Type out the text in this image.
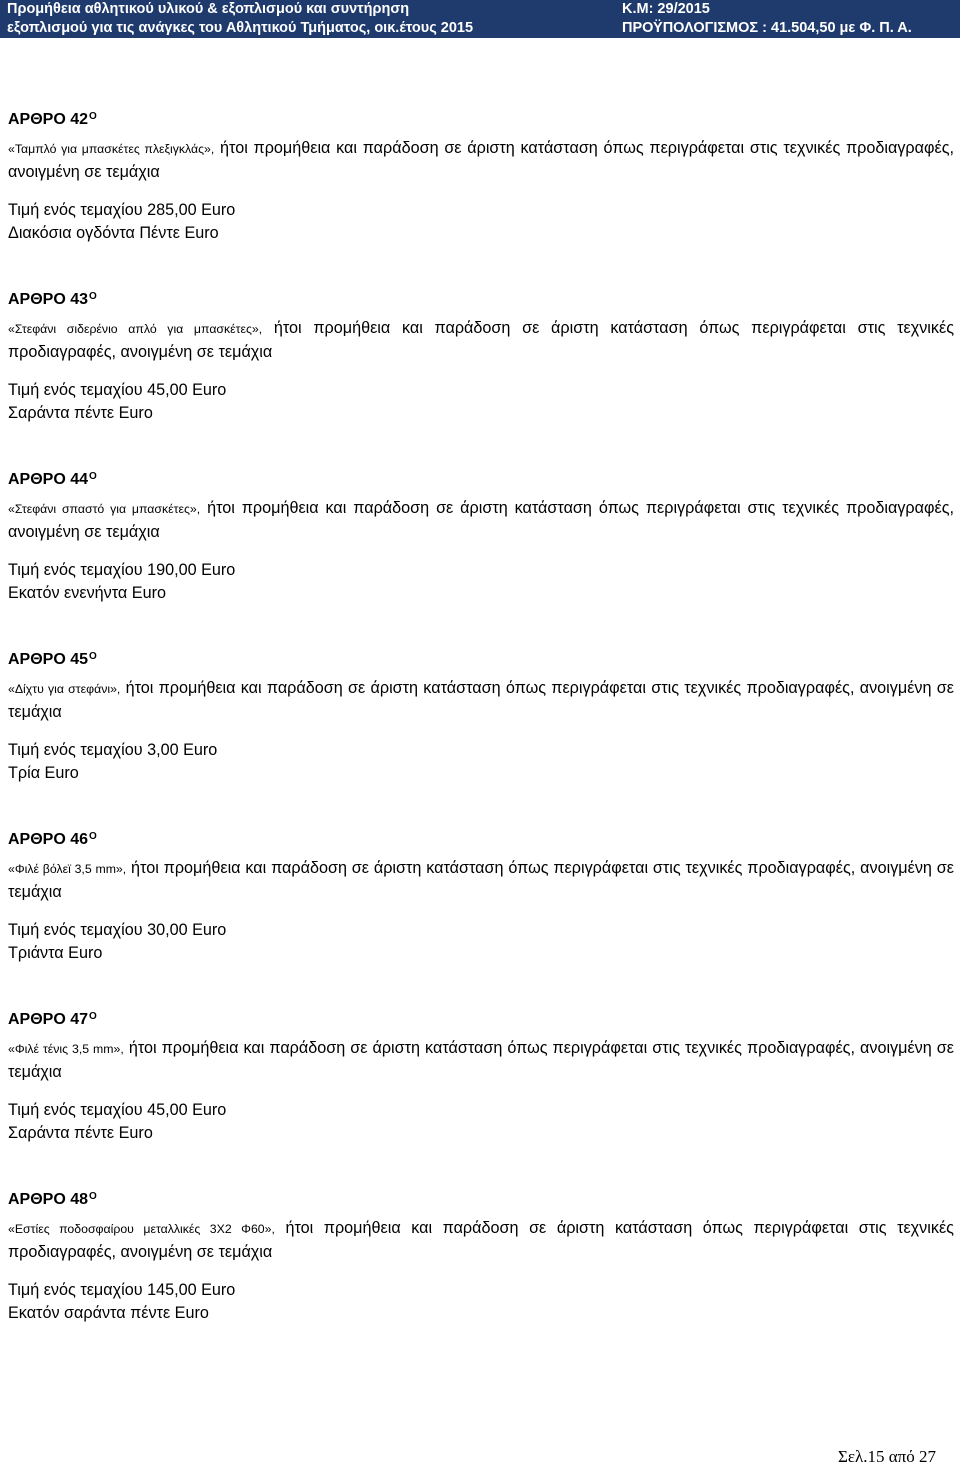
Προμήθεια αθλητικού υλικού & εξοπλισμού και συντήρηση
εξοπλισμού για τις ανάγκες του Αθλητικού Τμήματος, οικ.έτους 2015
Κ.Μ: 29/2015
ΠΡΟΫΠΟΛΟΓΙΣΜΟΣ : 41.504,50 με Φ. Π. Α.
ΑΡΘΡΟ $42^O$

«Ταμπλό για μπασκέτες πλεξιγκλάς», ήτοι προμήθεια και παράδοση σε άριστη κατάσταση όπως περιγράφεται στις τεχνικές προδιαγραφές, ανοιγμένη σε τεμάχια

Τιμή ενός τεμαχίου 285,00 Euro

Διακόσια ογδόντα Πέντε Euro

ΑΡΘΡΟ $43^O$

«Στεφάνι σιδερένιο απλό για μπασκέτες», ήτοι προμήθεια και παράδοση σε άριστη κατάσταση όπως περιγράφεται στις τεχνικές προδιαγραφές, ανοιγμένη σε τεμάχια

Τιμή ενός τεμαχίου 45,00 Euro

Σαράντα πέντε Euro

ΑΡΘΡΟ $44^O$

«Στεφάνι σπαστό για μπασκέτες», ήτοι προμήθεια και παράδοση σε άριστη κατάσταση όπως περιγράφεται στις τεχνικές προδιαγραφές, ανοιγμένη σε τεμάχια

Τιμή ενός τεμαχίου 190,00 Euro

Εκατόν ενενήντα Euro

ΑΡΘΡΟ $45^O$

«Δίχτυ για στεφάνι», ήτοι προμήθεια και παράδοση σε άριστη κατάσταση όπως περιγράφεται στις τεχνικές προδιαγραφές, ανοιγμένη σε τεμάχια

Τιμή ενός τεμαχίου 3,00 Euro

Τρία Euro

ΑΡΘΡΟ $46^O$

«Φιλέ βόλεϊ 3,5 mm», ήτοι προμήθεια και παράδοση σε άριστη κατάσταση όπως περιγράφεται στις τεχνικές προδιαγραφές, ανοιγμένη σε τεμάχια

Τιμή ενός τεμαχίου 30,00 Euro

Τριάντα Euro

ΑΡΘΡΟ $47^O$

«Φιλέ τένις 3,5 mm», ήτοι προμήθεια και παράδοση σε άριστη κατάσταση όπως περιγράφεται στις τεχνικές προδιαγραφές, ανοιγμένη σε τεμάχια

Τιμή ενός τεμαχίου 45,00 Euro

Σαράντα πέντε Euro

ΑΡΘΡΟ $48^O$

«Εστίες ποδοσφαίρου μεταλλικές 3Χ2 Φ60», ήτοι προμήθεια και παράδοση σε άριστη κατάσταση όπως περιγράφεται στις τεχνικές προδιαγραφές, ανοιγμένη σε τεμάχια

Τιμή ενός τεμαχίου 145,00 Euro

Εκατόν σαράντα πέντε Euro

Σελ.15 από 27
